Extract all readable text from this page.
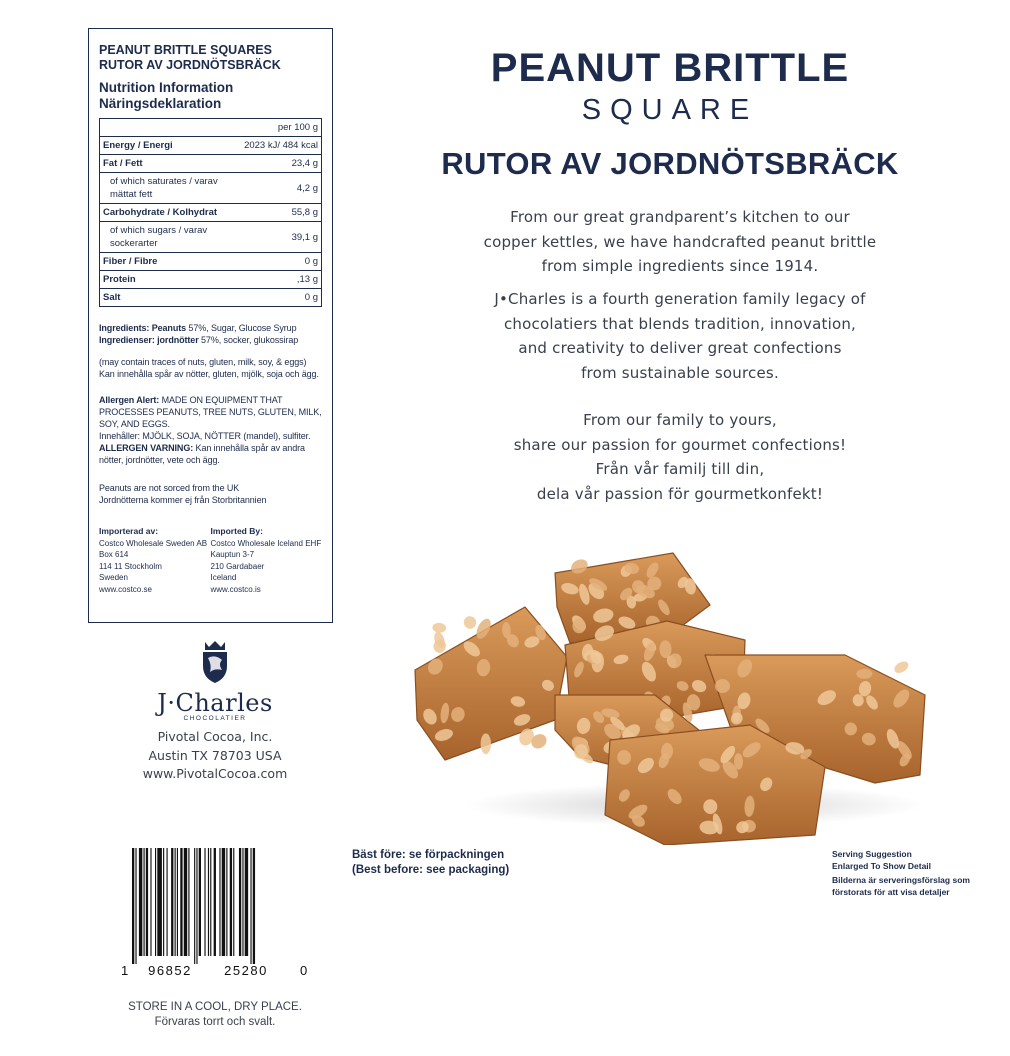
PEANUT BRITTLE SQUARES
RUTOR AV JORDNÖTSBRÄCK
Nutrition Information
Näringsdeklaration
	per 100 g
Energy / Energi	2023 kJ/ 484 kcal
Fat / Fett	23,4 g
of which saturates / varav mättat fett	4,2 g
Carbohydrate / Kolhydrat	55,8 g
of which sugars / varav sockerarter	39,1 g
Fiber / Fibre	0 g
Protein	,13 g
Salt	0 g
Ingredients: Peanuts 57%, Sugar, Glucose Syrup
Ingredienser: jordnötter 57%, socker, glukossirap
(may contain traces of nuts, gluten, milk, soy, & eggs)
Kan innehålla spår av nötter, gluten, mjölk, soja och ägg.
Allergen Alert: MADE ON EQUIPMENT THAT PROCESSES PEANUTS, TREE NUTS, GLUTEN, MILK, SOY, AND EGGS.
Innehåller: MJÖLK, SOJA, NÖTTER (mandel), sulfiter.
ALLERGEN VARNING: Kan innehålla spår av andra nötter, jordnötter, vete och ägg.
Peanuts are not sorced from the UK
Jordnötterna kommer ej från Storbritannien
Importerad av:
Costco Wholesale Sweden AB
Box 614
114 11 Stockholm
Sweden
www.costco.se
Imported By:
Costco Wholesale Iceland EHF
Kauptun 3-7
210 Gardabaer
Iceland
www.costco.is
PEANUT BRITTLE
SQUARE
RUTOR AV JORDNÖTSBRÄCK
From our great grandparent’s kitchen to our
copper kettles, we have handcrafted peanut brittle
from simple ingredients since 1914.
J•Charles is a fourth generation family legacy of
chocolatiers that blends tradition, innovation,
and creativity to deliver great confections
from sustainable sources.
From our family to yours,
share our passion for gourmet confections!
Från vår familj till din,
dela vår passion för gourmetkonfekt!
J·Charles
CHOCOLATIER
Pivotal Cocoa, Inc.
Austin TX 78703 USA
www.PivotalCocoa.com
Bäst före: se förpackningen
(Best before: see packaging)
Serving Suggestion
Enlarged To Show Detail
Bilderna är serveringsförslag som
förstorats för att visa detaljer
1 96852 25280 0
STORE IN A COOL, DRY PLACE.
Förvaras torrt och svalt.
